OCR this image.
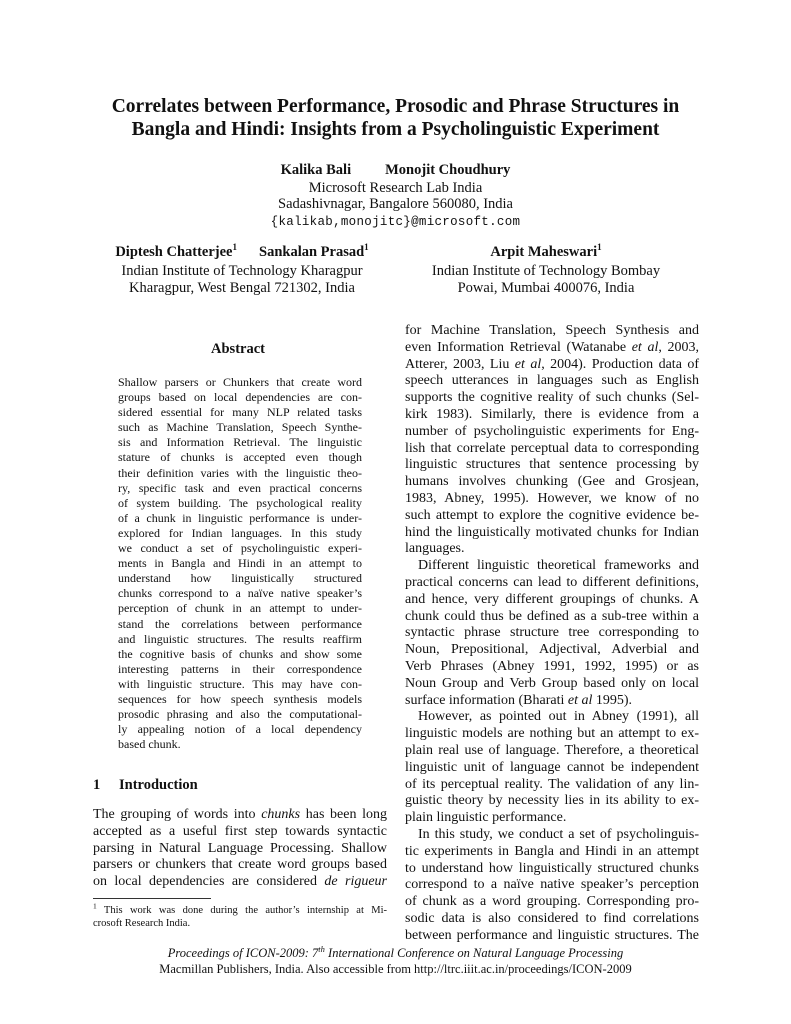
Correlates between Performance, Prosodic and Phrase Structures in
Bangla and Hindi: Insights from a Psycholinguistic Experiment
Kalika Bali Monojit Choudhury
Microsoft Research Lab India
Sadashivnagar, Bangalore 560080, India
{kalikab,monojitc}@microsoft.com
Diptesh Chatterjee$^1$ Sankalan Prasad$^1$
Indian Institute of Technology Kharagpur
Kharagpur, West Bengal 721302, India
Arpit Maheswari$^1$
Indian Institute of Technology Bombay
Powai, Mumbai 400076, India
Abstract
Shallow parsers or Chunkers that create word
groups based on local dependencies are con-
sidered essential for many NLP related tasks
such as Machine Translation, Speech Synthe-
sis and Information Retrieval. The linguistic
stature of chunks is accepted even though
their definition varies with the linguistic theo-
ry, specific task and even practical concerns
of system building. The psychological reality
of a chunk in linguistic performance is under-
explored for Indian languages. In this study
we conduct a set of psycholinguistic experi-
ments in Bangla and Hindi in an attempt to
understand how linguistically structured
chunks correspond to a naïve native speaker’s
perception of chunk in an attempt to under-
stand the correlations between performance
and linguistic structures. The results reaffirm
the cognitive basis of chunks and show some
interesting patterns in their correspondence
with linguistic structure. This may have con-
sequences for how speech synthesis models
prosodic phrasing and also the computational-
ly appealing notion of a local dependency
based chunk.
1 Introduction
The grouping of words into chunks has been long
accepted as a useful first step towards syntactic
parsing in Natural Language Processing. Shallow
parsers or chunkers that create word groups based
on local dependencies are considered de rigueur
$^1$ This work was done during the author’s internship at Mi-
crosoft Research India.
for Machine Translation, Speech Synthesis and
even Information Retrieval (Watanabe et al, 2003,
Atterer, 2003, Liu et al, 2004). Production data of
speech utterances in languages such as English
supports the cognitive reality of such chunks (Sel-
kirk 1983). Similarly, there is evidence from a
number of psycholinguistic experiments for Eng-
lish that correlate perceptual data to corresponding
linguistic structures that sentence processing by
humans involves chunking (Gee and Grosjean,
1983, Abney, 1995). However, we know of no
such attempt to explore the cognitive evidence be-
hind the linguistically motivated chunks for Indian
languages.
Different linguistic theoretical frameworks and
practical concerns can lead to different definitions,
and hence, very different groupings of chunks. A
chunk could thus be defined as a sub-tree within a
syntactic phrase structure tree corresponding to
Noun, Prepositional, Adjectival, Adverbial and
Verb Phrases (Abney 1991, 1992, 1995) or as
Noun Group and Verb Group based only on local
surface information (Bharati et al 1995).
However, as pointed out in Abney (1991), all
linguistic models are nothing but an attempt to ex-
plain real use of language. Therefore, a theoretical
linguistic unit of language cannot be independent
of its perceptual reality. The validation of any lin-
guistic theory by necessity lies in its ability to ex-
plain linguistic performance.
In this study, we conduct a set of psycholinguis-
tic experiments in Bangla and Hindi in an attempt
to understand how linguistically structured chunks
correspond to a naïve native speaker’s perception
of chunk as a word grouping. Corresponding pro-
sodic data is also considered to find correlations
between performance and linguistic structures. The
Proceedings of ICON-2009: 7th International Conference on Natural Language Processing
Macmillan Publishers, India. Also accessible from http://ltrc.iiit.ac.in/proceedings/ICON-2009
